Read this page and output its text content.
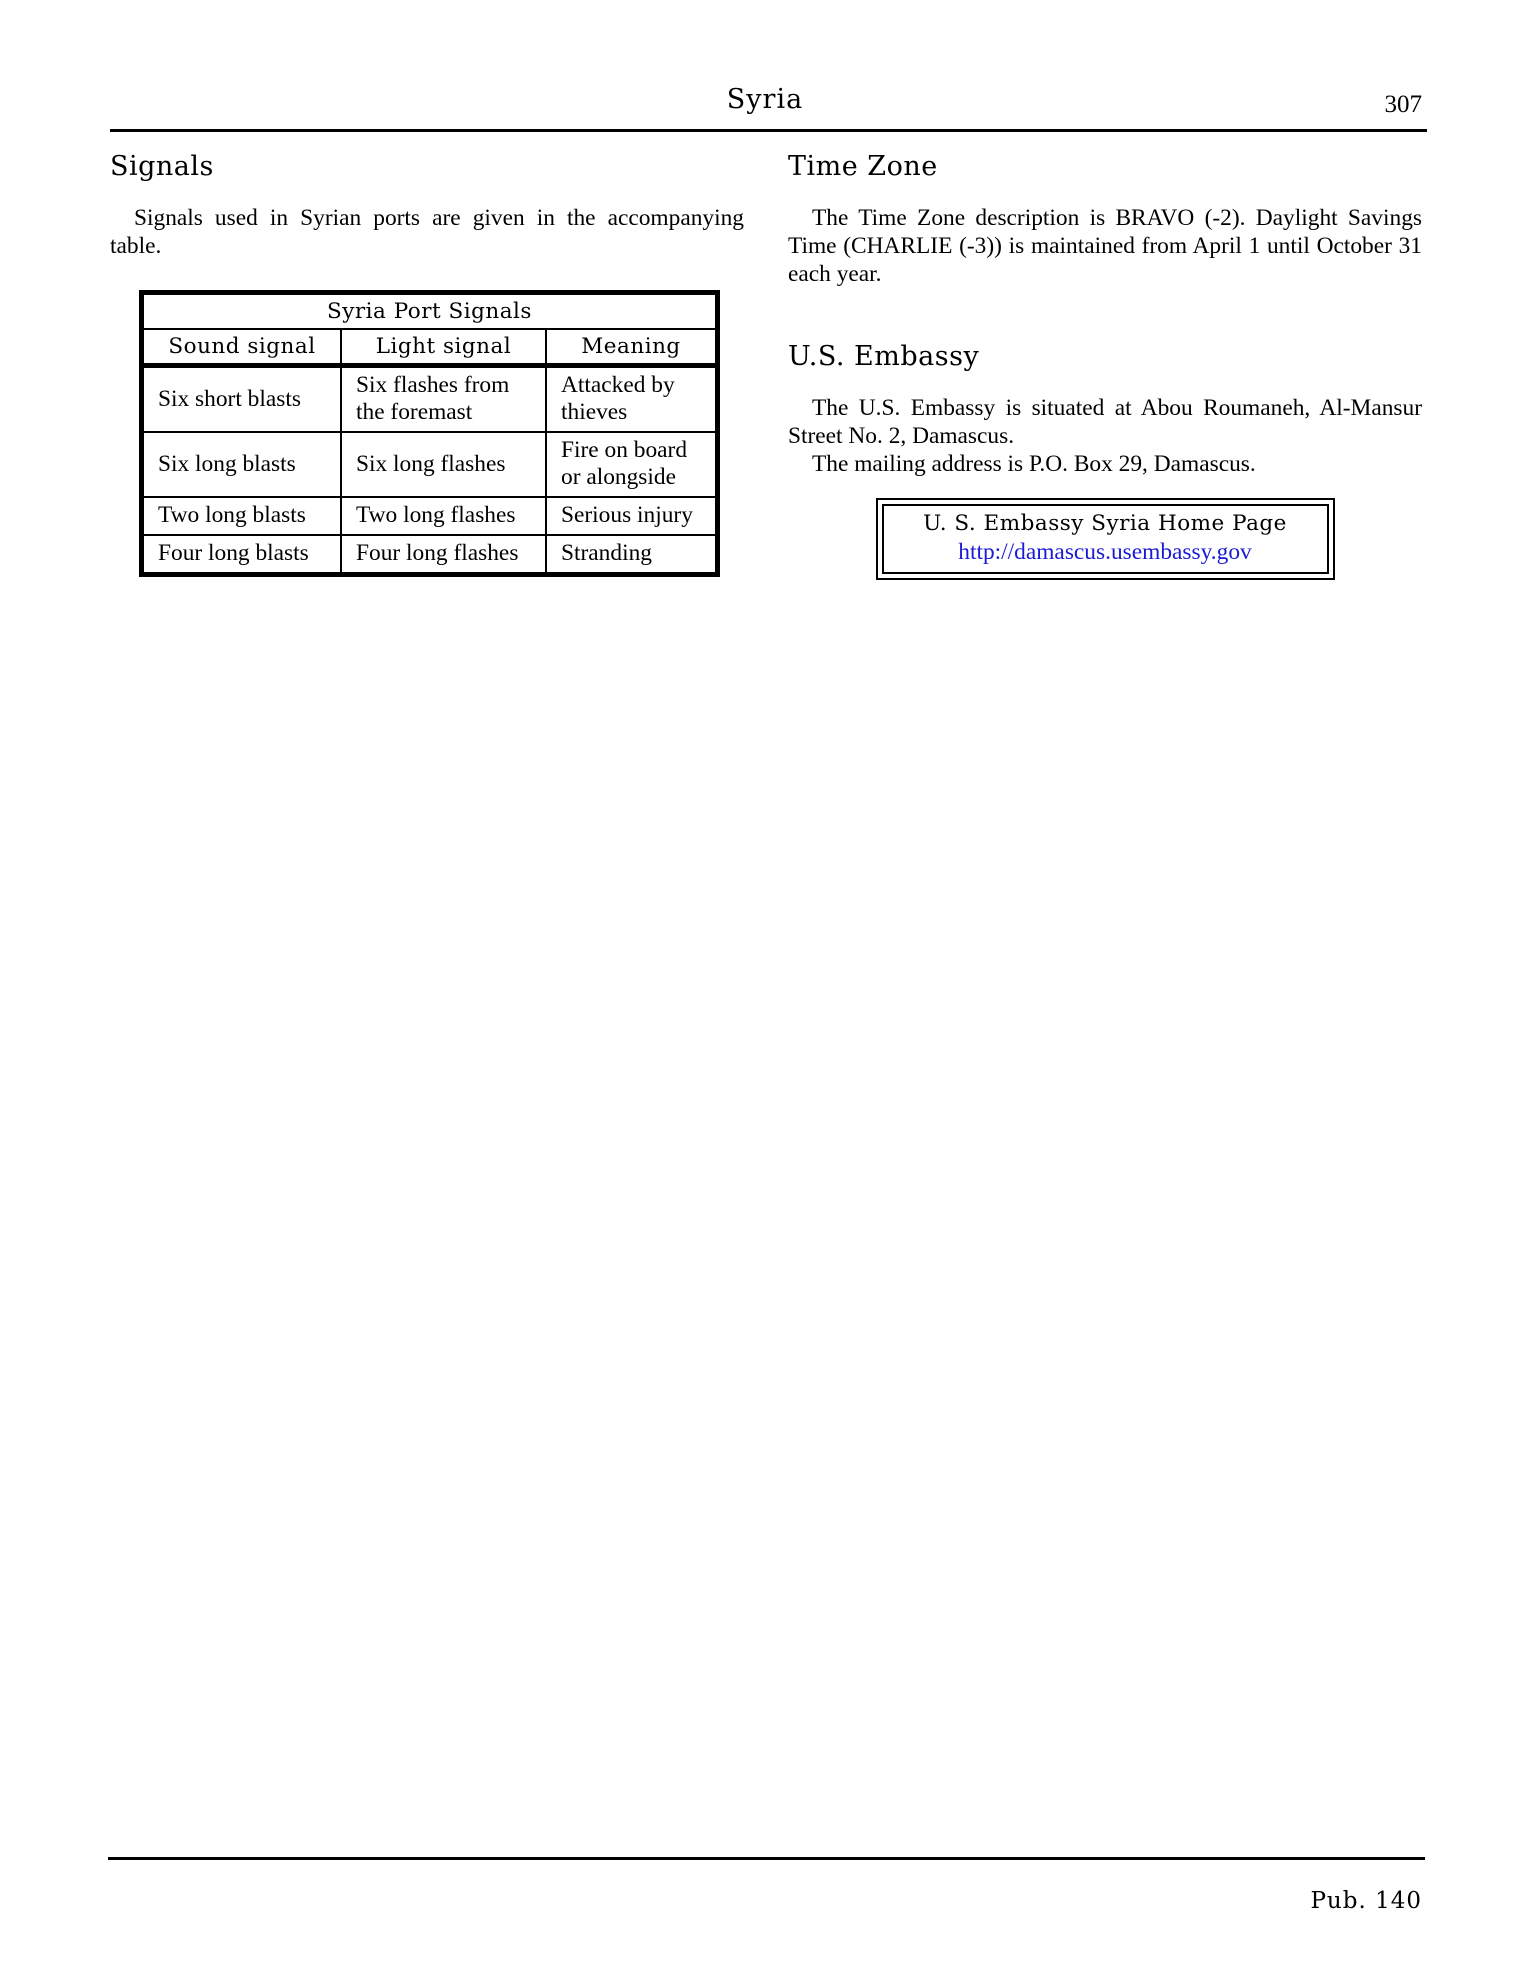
Syria	307
Signals

Signals used in Syrian ports are given in the accompanying table.

Syria Port Signals		
Sound signal	Light signal	Meaning
Six short blasts	Six flashes from the foremast	Attacked by thieves
Six long blasts	Six long flashes	Fire on board or alongside
Two long blasts	Two long flashes	Serious injury
Four long blasts	Four long flashes	Stranding
Time Zone

The Time Zone description is BRAVO (-2). Daylight Savings Time (CHARLIE (-3)) is maintained from April 1 until October 31 each year.

U.S. Embassy

The U.S. Embassy is situated at Abou Roumaneh, Al-Mansur Street No. 2, Damascus.

The mailing address is P.O. Box 29, Damascus.

U. S. Embassy Syria Home Page
http://damascus.usembassy.gov
Pub. 140
